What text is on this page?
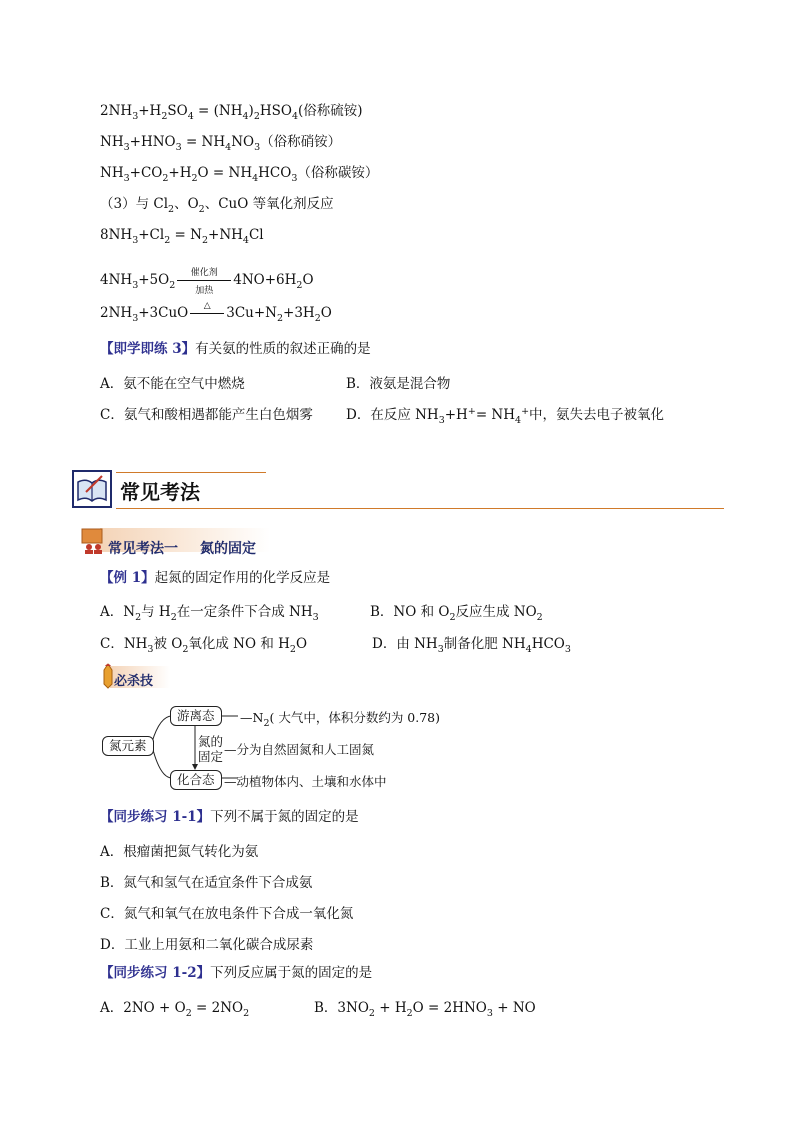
$2NH_3+H_2SO_4 = (NH_4)_2HSO_4$(俗称硫铵)
$NH_3+HNO_3 = NH_4NO_3$（俗称硝铵）
$NH_3+CO_2+H_2O = NH_4HCO_3$（俗称碳铵）
（3）与 $Cl_2$、$O_2$、CuO 等氧化剂反应
$8NH_3+Cl_2 = N_2+NH_4Cl$
$4NH_3+5O_2$
催化剂
加热
$4NO+6H_2O$
$2NH_3+3CuO$	△	$3Cu+N_2+3H_2O$
【即学即练 3】有关氨的性质的叙述正确的是
A．氨不能在空气中燃烧	B．液氨是混合物
C．氨气和酸相遇都能产生白色烟雾 D．在反应 $NH_3+H^+= NH_4^+$中，氨失去电子被氧化
常见考法
常见考法一 氮的固定
【例 1】起氮的固定作用的化学反应是
A．$N_2$与 $H_2$在一定条件下合成 $NH_3$	B．NO 和 $O_2$反应生成 $NO_2$
C．$NH_3$被 $O_2$氧化成 NO 和 $H_2O$	D．由 $NH_3$制备化肥 $NH_4HCO_3$
必杀技
氮元素
游离态	$—N_2$( 大气中，体积分数约为 0.78)
氮的
固定 —分为自然固氮和人工固氮
化合态 —动植物体内、土壤和水体中
【同步练习 1-1】下列不属于氮的固定的是
A．根瘤菌把氮气转化为氨
B．氮气和氢气在适宜条件下合成氨
C．氮气和氧气在放电条件下合成一氧化氮
D．工业上用氨和二氧化碳合成尿素
【同步练习 1-2】下列反应属于氮的固定的是
A．$2NO + O_2 = 2NO_2$	B．$3NO_2 + H_2O = 2HNO_3$ + NO
